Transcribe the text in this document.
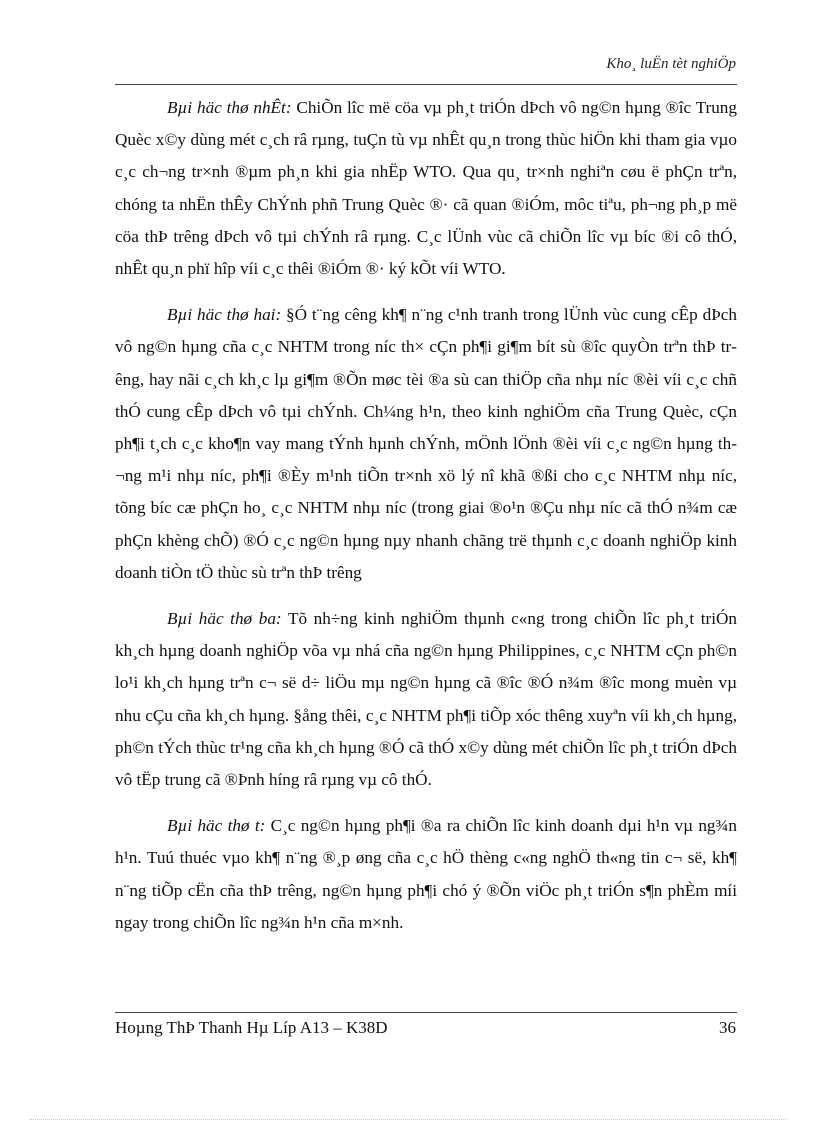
Kho¸ luËn tèt nghiÖp

Bµi häc thø nhÊt: ChiÕn lîc më cöa vµ ph¸t triÓn dÞch vô ng©n hµng ®îc Trung Quèc x©y dùng mét c¸ch râ rµng, tuÇn tù vµ nhÊt qu¸n trong thùc hiÖn khi tham gia vµo c¸c ch¬ng tr×nh ®µm ph¸n khi gia nhËp WTO. Qua qu¸ tr×nh nghiªn cøu ë phÇn trªn, chóng ta nhËn thÊy ChÝnh phñ Trung Quèc ®· cã quan ®iÓm, môc tiªu, ph¬ng ph¸p më cöa thÞ trêng dÞch vô tµi chÝnh râ rµng. C¸c lÜnh vùc cã chiÕn lîc vµ bíc ®i cô thÓ, nhÊt qu¸n phï hîp víi c¸c thêi ®iÓm ®· ký kÕt víi WTO.

Bµi häc thø hai: §Ó t¨ng cêng kh¶ n¨ng c¹nh tranh trong lÜnh vùc cung cÊp dÞch vô ng©n hµng cña c¸c NHTM trong níc th× cÇn ph¶i gi¶m bít sù ®îc quyÒn trªn thÞ trêng, hay nãi c¸ch kh¸c lµ gi¶m ®Õn møc tèi ®a sù can thiÖp cña nhµ níc ®èi víi c¸c chñ thÓ cung cÊp dÞch vô tµi chÝnh. Ch¼ng h¹n, theo kinh nghiÖm cña Trung Quèc, cÇn ph¶i t¸ch c¸c kho¶n vay mang tÝnh hµnh chÝnh, mÖnh lÖnh ®èi víi c¸c ng©n hµng th¬ng m¹i nhµ níc, ph¶i ®Èy m¹nh tiÕn tr×nh xö lý nî khã ®ßi cho c¸c NHTM nhµ níc, tõng bíc cæ phÇn ho¸ c¸c NHTM nhµ níc (trong giai ®o¹n ®Çu nhµ níc cã thÓ n¾m cæ phÇn khèng chÕ) ®Ó c¸c ng©n hµng nµy nhanh chãng trë thµnh c¸c doanh nghiÖp kinh doanh tiÒn tÖ thùc sù trªn thÞ trêng

Bµi häc thø ba: Tõ nh÷ng kinh nghiÖm thµnh c«ng trong chiÕn lîc ph¸t triÓn kh¸ch hµng doanh nghiÖp võa vµ nhá cña ng©n hµng Philippines, c¸c NHTM cÇn ph©n lo¹i kh¸ch hµng trªn c¬ së d÷ liÖu mµ ng©n hµng cã ®îc ®Ó n¾m ®îc mong muèn vµ nhu cÇu cña kh¸ch hµng. §ång thêi, c¸c NHTM ph¶i tiÕp xóc thêng xuyªn víi kh¸ch hµng, ph©n tÝch thùc tr¹ng cña kh¸ch hµng ®Ó cã thÓ x©y dùng mét chiÕn lîc ph¸t triÓn dÞch vô tËp trung cã ®Þnh híng râ rµng vµ cô thÓ.

Bµi häc thø t: C¸c ng©n hµng ph¶i ®a ra chiÕn lîc kinh doanh dµi h¹n vµ ng¾n h¹n. Tuú thuéc vµo kh¶ n¨ng ®¸p øng cña c¸c hÖ thèng c«ng nghÖ th«ng tin c¬ së, kh¶ n¨ng tiÕp cËn cña thÞ trêng, ng©n hµng ph¶i chó ý ®Õn viÖc ph¸t triÓn s¶n phÈm míi ngay trong chiÕn lîc ng¾n h¹n cña m×nh.

Hoµng ThÞ Thanh Hµ Líp A13 – K38D	36
